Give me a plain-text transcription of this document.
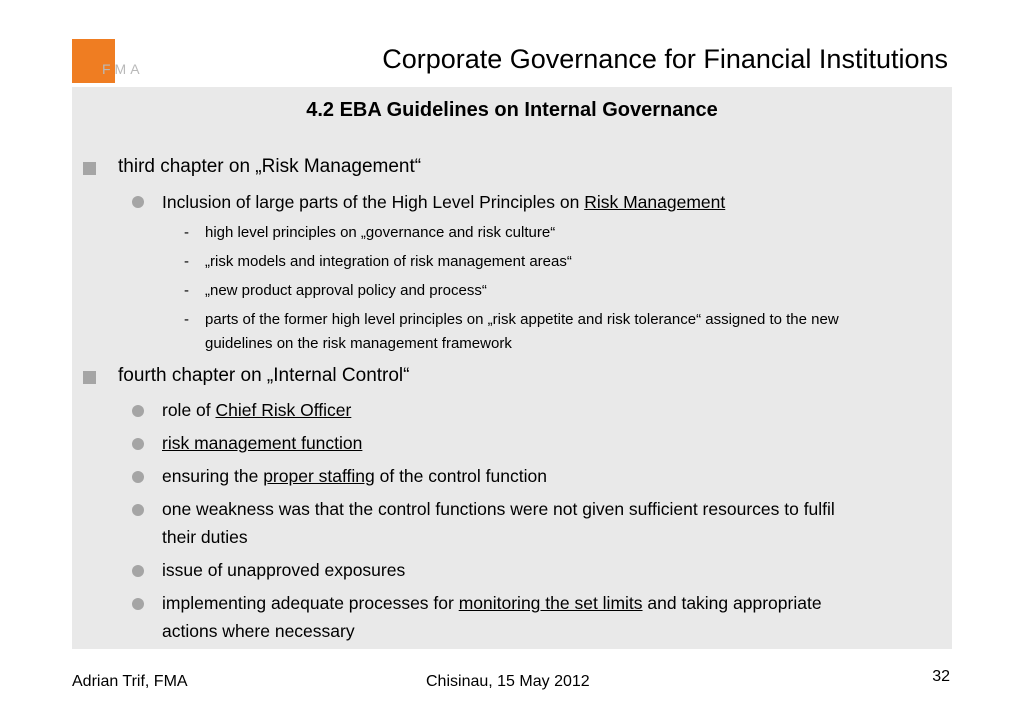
FMA	Corporate Governance for Financial Institutions
4.2 EBA Guidelines on Internal Governance
third chapter on „Risk Management“
Inclusion of large parts of the High Level Principles on Risk Management
- high level principles on „governance and risk culture“
- „risk models and integration of risk management areas“
- „new product approval policy and process“
- parts of the former high level principles on „risk appetite and risk tolerance“ assigned to the new
guidelines on the risk management framework
fourth chapter on „Internal Control“
role of Chief Risk Officer
risk management function
ensuring the proper staffing of the control function
one weakness was that the control functions were not given sufficient resources to fulfil
their duties
issue of unapproved exposures
implementing adequate processes for monitoring the set limits and taking appropriate
actions where necessary
Adrian Trif, FMA	Chisinau, 15 May 2012	32
